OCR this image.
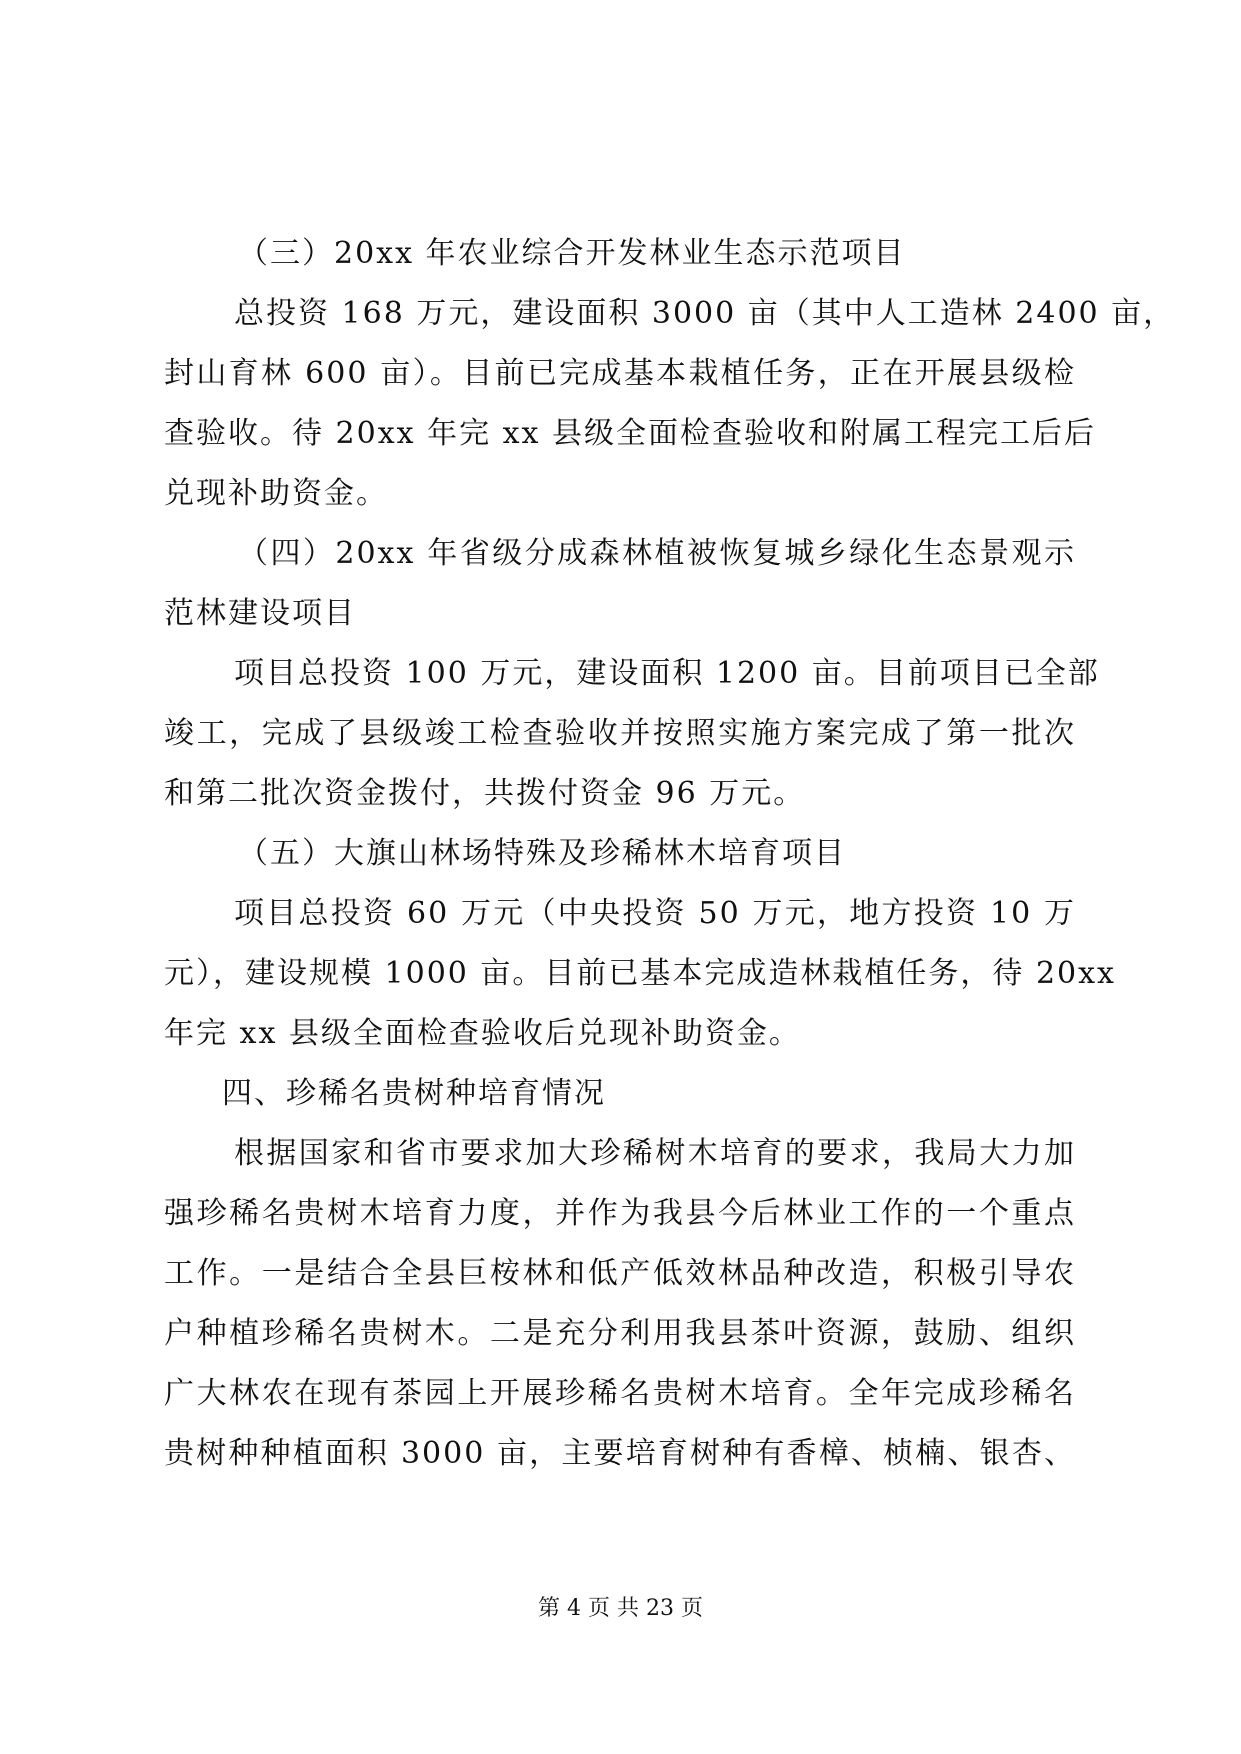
（三）20xx 年农业综合开发林业生态示范项目
总投资 168 万元，建设面积 3000 亩（其中人工造林 2400 亩，
封山育林 600 亩）。目前已完成基本栽植任务，正在开展县级检
查验收。待 20xx 年完 xx 县级全面检查验收和附属工程完工后后
兑现补助资金。
（四）20xx 年省级分成森林植被恢复城乡绿化生态景观示
范林建设项目
项目总投资 100 万元，建设面积 1200 亩。目前项目已全部
竣工，完成了县级竣工检查验收并按照实施方案完成了第一批次
和第二批次资金拨付，共拨付资金 96 万元。
（五）大旗山林场特殊及珍稀林木培育项目
项目总投资 60 万元（中央投资 50 万元，地方投资 10 万
元），建设规模 1000 亩。目前已基本完成造林栽植任务，待 20xx
年完 xx 县级全面检查验收后兑现补助资金。
四、珍稀名贵树种培育情况
根据国家和省市要求加大珍稀树木培育的要求，我局大力加
强珍稀名贵树木培育力度，并作为我县今后林业工作的一个重点
工作。一是结合全县巨桉林和低产低效林品种改造，积极引导农
户种植珍稀名贵树木。二是充分利用我县茶叶资源，鼓励、组织
广大林农在现有茶园上开展珍稀名贵树木培育。全年完成珍稀名
贵树种种植面积 3000 亩，主要培育树种有香樟、桢楠、银杏、
第 4 页 共 23 页
